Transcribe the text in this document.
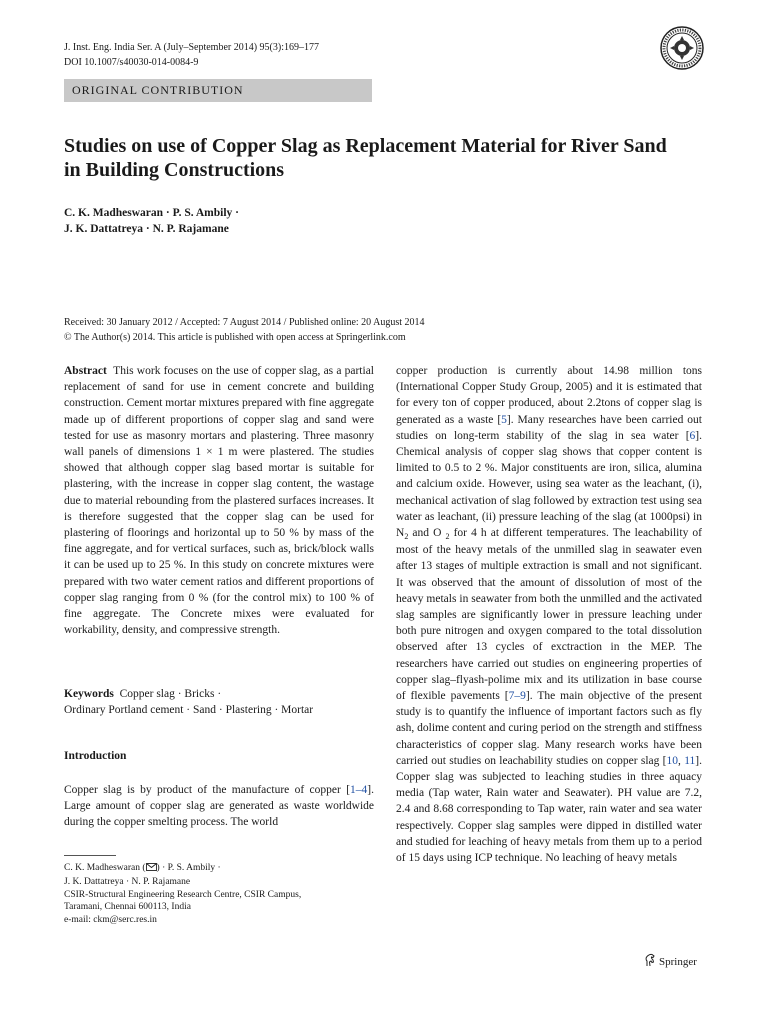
J. Inst. Eng. India Ser. A (July–September 2014) 95(3):169–177
DOI 10.1007/s40030-014-0084-9
ORIGINAL CONTRIBUTION
Studies on use of Copper Slag as Replacement Material for River Sand in Building Constructions
C. K. Madheswaran · P. S. Ambily ·
J. K. Dattatreya · N. P. Rajamane
Received: 30 January 2012 / Accepted: 7 August 2014 / Published online: 20 August 2014
© The Author(s) 2014. This article is published with open access at Springerlink.com
Abstract This work focuses on the use of copper slag, as a partial replacement of sand for use in cement concrete and building construction. Cement mortar mixtures prepared with fine aggregate made up of different proportions of copper slag and sand were tested for use as masonry mortars and plastering. Three masonry wall panels of dimensions 1 × 1 m were plastered. The studies showed that although copper slag based mortar is suitable for plastering, with the increase in copper slag content, the wastage due to material rebounding from the plastered surfaces increases. It is therefore suggested that the copper slag can be used for plastering of floorings and horizontal up to 50 % by mass of the fine aggregate, and for vertical surfaces, such as, brick/block walls it can be used up to 25 %. In this study on concrete mixtures were prepared with two water cement ratios and different proportions of copper slag ranging from 0 % (for the control mix) to 100 % of fine aggregate. The Concrete mixes were evaluated for workability, density, and compressive strength.
Keywords Copper slag · Bricks ·
Ordinary Portland cement · Sand · Plastering · Mortar
Introduction
Copper slag is by product of the manufacture of copper [1–4]. Large amount of copper slag are generated as waste worldwide during the copper smelting process. The world
C. K. Madheswaran ( ) · P. S. Ambily ·
J. K. Dattatreya · N. P. Rajamane
CSIR-Structural Engineering Research Centre, CSIR Campus,
Taramani, Chennai 600113, India
e-mail: ckm@serc.res.in
copper production is currently about 14.98 million tons (International Copper Study Group, 2005) and it is estimated that for every ton of copper produced, about 2.2tons of copper slag is generated as a waste [5]. Many researches have been carried out studies on long-term stability of the slag in sea water [6]. Chemical analysis of copper slag shows that copper content is limited to 0.5 to 2 %. Major constituents are iron, silica, alumina and calcium oxide. However, using sea water as the leachant, (i), mechanical activation of slag followed by extraction test using sea water as leachant, (ii) pressure leaching of the slag (at 1000psi) in $N_2$ and O $_2$ for 4 h at different temperatures. The leachability of most of the heavy metals of the unmilled slag in seawater even after 13 stages of multiple extraction is small and not significant. It was observed that the amount of dissolution of most of the heavy metals in seawater from both the unmilled and the activated slag samples are significantly lower in pressure leaching under both pure nitrogen and oxygen compared to the total dissolution observed after 13 cycles of exctraction in the MEP. The researchers have carried out studies on engineering properties of copper slag–flyash-polime mix and its utilization in base course of flexible pavements [7–9]. The main objective of the present study is to quantify the influence of important factors such as fly ash, dolime content and curing period on the strength and stiffness characteristics of copper slag. Many research works have been carried out studies on leachability studies on copper slag [10, 11]. Copper slag was subjected to leaching studies in three aquacy media (Tap water, Rain water and Seawater). PH value are 7.2, 2.4 and 8.68 corresponding to Tap water, rain water and sea water respectively. Copper slag samples were dipped in distilled water and studied for leaching of heavy metals from them up to a period of 15 days using ICP technique. No leaching of heavy metals
Springer
